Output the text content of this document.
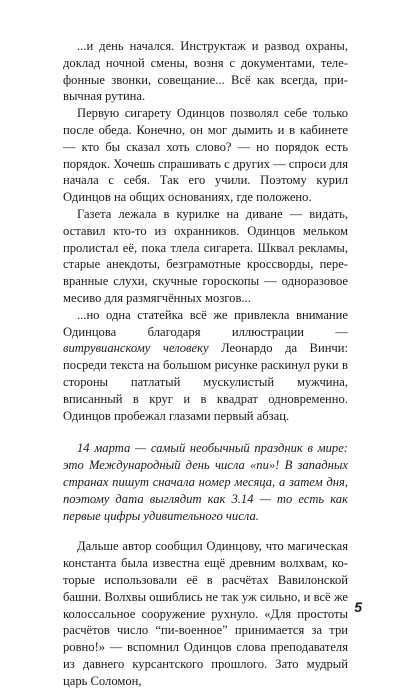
...и день начался. Инструктаж и развод охраны, доклад ночной смены, возня с документами, телефонные звонки, совещание... Всё как всегда, привычная рутина.

Первую сигарету Одинцов позволял себе только после обеда. Конечно, он мог дымить и в кабинете — кто бы сказал хоть слово? — но порядок есть порядок. Хочешь спрашивать с других — спроси для начала с себя. Так его учили. Поэтому курил Одинцов на общих основаниях, где положено.

Газета лежала в курилке на диване — видать, оставил кто-то из охранников. Одинцов мельком пролистал её, пока тлела сигарета. Шквал рекламы, старые анекдоты, безграмотные кроссворды, перевранные слухи, скучные гороскопы — одноразовое месиво для размягчённых мозгов...

...но одна статейка всё же привлекла внимание Одинцова благодаря иллюстрации — витрувианскому человеку Леонардо да Винчи: посреди текста на большом рисунке раскинул руки в стороны патлатый мускулистый мужчина, вписанный в круг и в квадрат одновременно. Одинцов пробежал глазами первый абзац.

14 марта — самый необычный праздник в мире: это Международный день числа «пи»! В западных странах пишут сначала номер месяца, а затем дня, поэтому дата выглядит как 3.14 — то есть как первые цифры удивительного числа.

Дальше автор сообщил Одинцову, что магическая константа была известна ещё древним волхвам, которые использовали её в расчётах Вавилонской башни. Волхвы ошиблись не так уж сильно, и всё же колоссальное сооружение рухнуло. «Для простоты расчётов число “пи-военное” принимается за три ровно!» — вспомнил Одинцов слова преподавателя из давнего курсантского прошлого. Зато мудрый царь Соломон,

5
